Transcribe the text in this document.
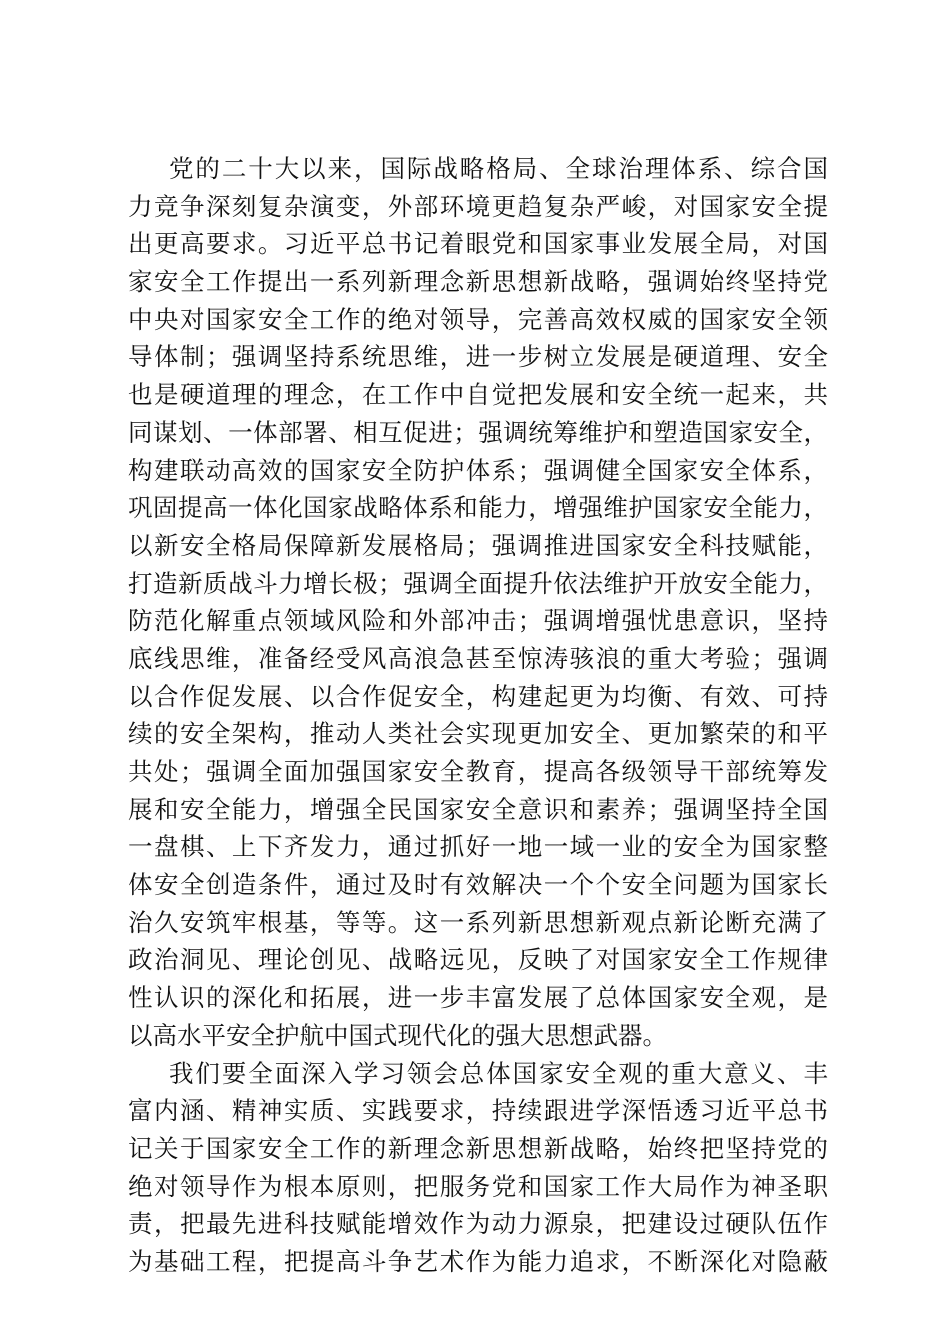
党的二十大以来，国际战略格局、全球治理体系、综合国
力竞争深刻复杂演变，外部环境更趋复杂严峻，对国家安全提
出更高要求。习近平总书记着眼党和国家事业发展全局，对国
家安全工作提出一系列新理念新思想新战略，强调始终坚持党
中央对国家安全工作的绝对领导，完善高效权威的国家安全领
导体制；强调坚持系统思维，进一步树立发展是硬道理、安全
也是硬道理的理念，在工作中自觉把发展和安全统一起来，共
同谋划、一体部署、相互促进；强调统筹维护和塑造国家安全，
构建联动高效的国家安全防护体系；强调健全国家安全体系，
巩固提高一体化国家战略体系和能力，增强维护国家安全能力，
以新安全格局保障新发展格局；强调推进国家安全科技赋能，
打造新质战斗力增长极；强调全面提升依法维护开放安全能力，
防范化解重点领域风险和外部冲击；强调增强忧患意识，坚持
底线思维，准备经受风高浪急甚至惊涛骇浪的重大考验；强调
以合作促发展、以合作促安全，构建起更为均衡、有效、可持
续的安全架构，推动人类社会实现更加安全、更加繁荣的和平
共处；强调全面加强国家安全教育，提高各级领导干部统筹发
展和安全能力，增强全民国家安全意识和素养；强调坚持全国
一盘棋、上下齐发力，通过抓好一地一域一业的安全为国家整
体安全创造条件，通过及时有效解决一个个安全问题为国家长
治久安筑牢根基，等等。这一系列新思想新观点新论断充满了
政治洞见、理论创见、战略远见，反映了对国家安全工作规律
性认识的深化和拓展，进一步丰富发展了总体国家安全观，是
以高水平安全护航中国式现代化的强大思想武器。
我们要全面深入学习领会总体国家安全观的重大意义、丰
富内涵、精神实质、实践要求，持续跟进学深悟透习近平总书
记关于国家安全工作的新理念新思想新战略，始终把坚持党的
绝对领导作为根本原则，把服务党和国家工作大局作为神圣职
责，把最先进科技赋能增效作为动力源泉，把建设过硬队伍作
为基础工程，把提高斗争艺术作为能力追求，不断深化对隐蔽
